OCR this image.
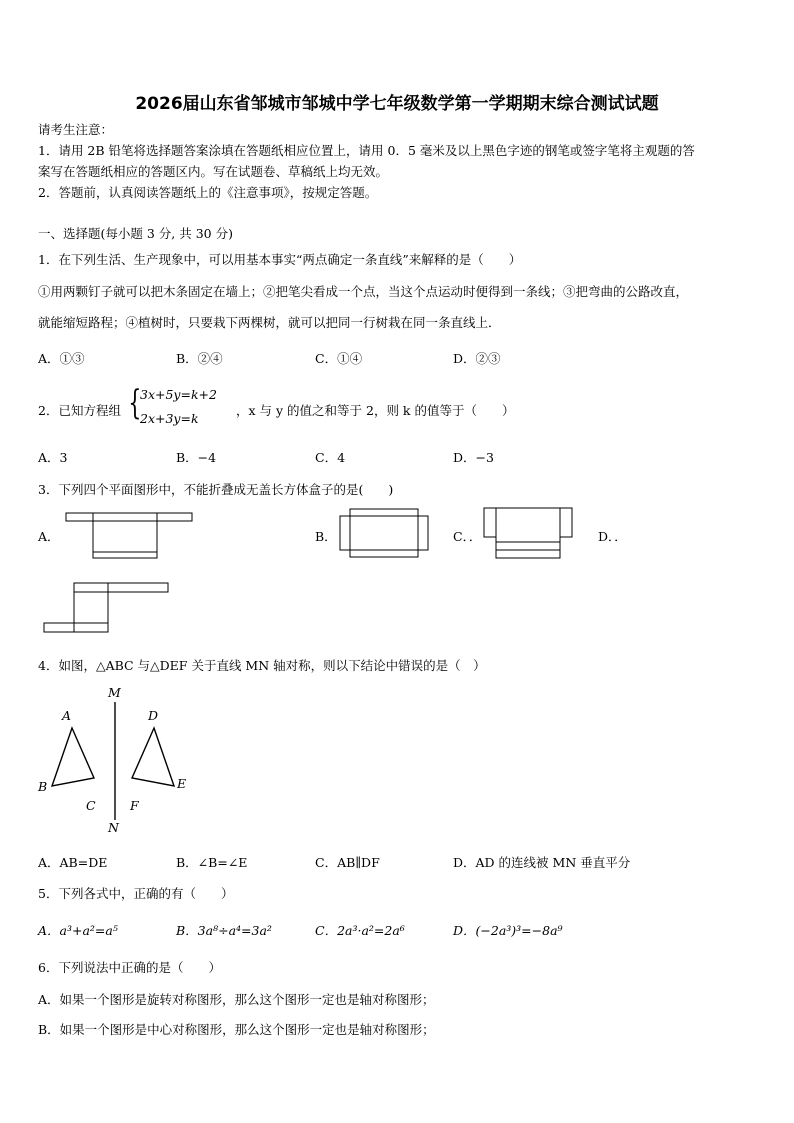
2026届山东省邹城市邹城中学七年级数学第一学期期末综合测试试题
请考生注意：
1．请用 2B 铅笔将选择题答案涂填在答题纸相应位置上，请用 0．5 毫米及以上黑色字迹的钢笔或签字笔将主观题的答
案写在答题纸相应的答题区内。写在试题卷、草稿纸上均无效。
2．答题前，认真阅读答题纸上的《注意事项》，按规定答题。
一、选择题(每小题 3 分, 共 30 分)
1．在下列生活、生产现象中，可以用基本事实“两点确定一条直线”来解释的是（　　）
①用两颗钉子就可以把木条固定在墙上；②把笔尖看成一个点，当这个点运动时便得到一条线；③把弯曲的公路改直，
就能缩短路程；④植树时，只要栽下两棵树，就可以把同一行树栽在同一条直线上．
A．①③	B．②④	C．①④	D．②③
2．已知方程组 {
3x+5y=k+2
2x+3y=k
，x 与 y 的值之和等于 2，则 k 的值等于（　　）
A．3	B．−4	C．4	D．−3
3．下列四个平面图形中，不能折叠成无盖长方体盒子的是(　　)
A．	B．	C．．	D．．
4．如图，△ABC 与△DEF 关于直线 MN 轴对称，则以下结论中错误的是（　）
M
N
A
B
C
D
E
F
A．AB=DE	B．∠B=∠E	C．AB∥DF	D．AD 的连线被 MN 垂直平分
5．下列各式中，正确的有（　　）
A．a³+a²=a⁵	B．3a⁸÷a⁴=3a²	C．2a³·a²=2a⁶	D．(−2a³)³=−8a⁹
6．下列说法中正确的是（　　）
A．如果一个图形是旋转对称图形，那么这个图形一定也是轴对称图形；
B．如果一个图形是中心对称图形，那么这个图形一定也是轴对称图形；
